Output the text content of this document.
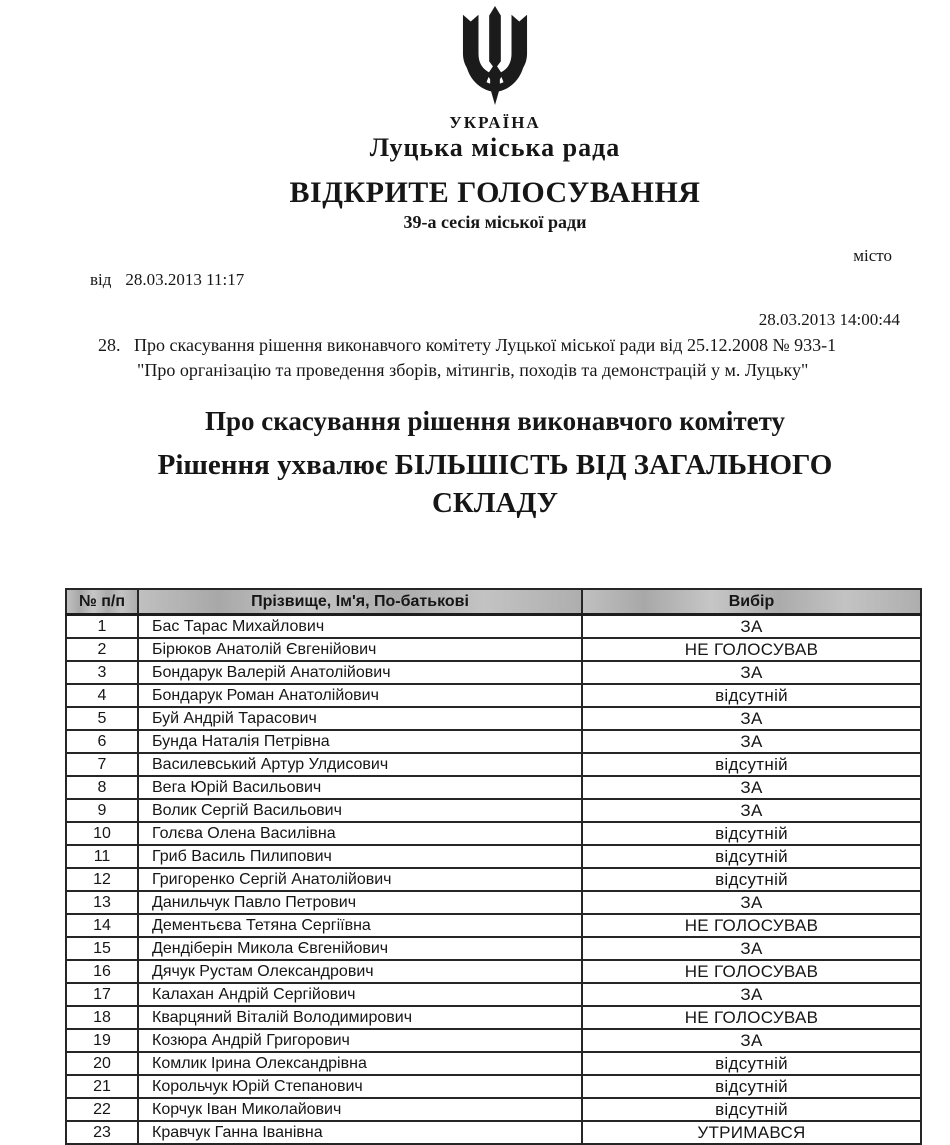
УКРАЇНА
Луцька міська рада
ВІДКРИТЕ ГОЛОСУВАННЯ
39-а сесія міської ради
місто
від 28.03.2013 11:17
28.03.2013 14:00:44
28. Про скасування рішення виконавчого комітету Луцької міської ради від 25.12.2008 № 933-1
"Про організацію та проведення зборів, мітингів, походів та демонстрацій у м. Луцьку"
Про скасування рішення виконавчого комітету
Рішення ухвалює БІЛЬШІСТЬ ВІД ЗАГАЛЬНОГО
СКЛАДУ
№ п/п	Прізвище, Ім'я, По-батькові	Вибір
1	Бас Тарас Михайлович	ЗА
2	Бірюков Анатолій Євгенійович	НЕ ГОЛОСУВАВ
3	Бондарук Валерій Анатолійович	ЗА
4	Бондарук Роман Анатолійович	відсутній
5	Буй Андрій Тарасович	ЗА
6	Бунда Наталія Петрівна	ЗА
7	Василевський Артур Улдисович	відсутній
8	Вега Юрій Васильович	ЗА
9	Волик Сергій Васильович	ЗА
10	Голєва Олена Василівна	відсутній
11	Гриб Василь Пилипович	відсутній
12	Григоренко Сергій Анатолійович	відсутній
13	Данильчук Павло Петрович	ЗА
14	Дементьєва Тетяна Сергіївна	НЕ ГОЛОСУВАВ
15	Дендіберін Микола Євгенійович	ЗА
16	Дячук Рустам Олександрович	НЕ ГОЛОСУВАВ
17	Калахан Андрій Сергійович	ЗА
18	Кварцяний Віталій Володимирович	НЕ ГОЛОСУВАВ
19	Козюра Андрій Григорович	ЗА
20	Комлик Ірина Олександрівна	відсутній
21	Корольчук Юрій Степанович	відсутній
22	Корчук Іван Миколайович	відсутній
23	Кравчук Ганна Іванівна	УТРИМАВСЯ
